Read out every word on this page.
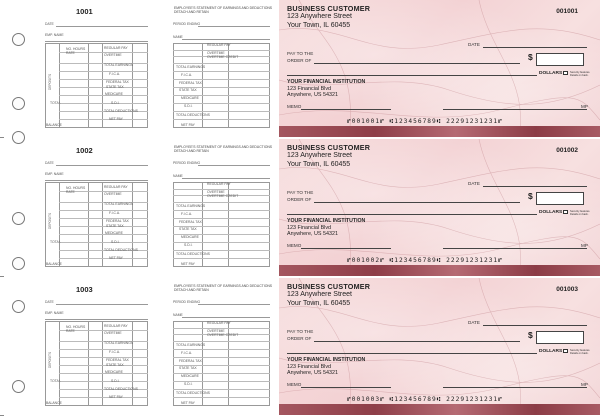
1001	EMPLOYEE'S STATEMENT OF EARNINGS AND DEDUCTIONS DETACH AND RETAIN
DATE	PERIOD ENDING
EMP. NAME	NAME
NO. HOURS
RATE
REGULAR PAY
OVERTIME
TOTAL EARNINGS
F.I.C.A.
FEDERAL TAX
STATE TAX
MEDICARE
S.D.I.
TOTAL DEDUCTIONS
NET PAY
TOTAL
BALANCE
DEPOSITS
REGULAR PAY
OVERTIME
OVERTIME CREDIT
TOTAL EARNINGS
F.I.C.A.
FEDERAL TAX
STATE TAX
MEDICARE
S.D.I.
TOTAL DEDUCTIONS
NET PAY
BUSINESS CUSTOMER
123 Anywhere Street
Your Town, IL 60455
001001
DATE
PAY TO THE
ORDER OF	$
DOLLARS	Security features. Details on back.
YOUR FINANCIAL INSTITUTION
123 Financial Blvd
Anywhere, US 54321
MEMO	MP
⑈001001⑈ ⑆123456789⑆ 22291231231⑈
1002	EMPLOYEE'S STATEMENT OF EARNINGS AND DEDUCTIONS DETACH AND RETAIN
DATE	PERIOD ENDING
EMP. NAME	NAME
NO. HOURS
RATE
REGULAR PAY
OVERTIME
TOTAL EARNINGS
F.I.C.A.
FEDERAL TAX
STATE TAX
MEDICARE
S.D.I.
TOTAL DEDUCTIONS
NET PAY
TOTAL
BALANCE
DEPOSITS
REGULAR PAY
OVERTIME
OVERTIME CREDIT
TOTAL EARNINGS
F.I.C.A.
FEDERAL TAX
STATE TAX
MEDICARE
S.D.I.
TOTAL DEDUCTIONS
NET PAY
BUSINESS CUSTOMER
123 Anywhere Street
Your Town, IL 60455
001002
DATE
PAY TO THE
ORDER OF	$
DOLLARS	Security features. Details on back.
YOUR FINANCIAL INSTITUTION
123 Financial Blvd
Anywhere, US 54321
MEMO	MP
⑈001002⑈ ⑆123456789⑆ 22291231231⑈
1003	EMPLOYEE'S STATEMENT OF EARNINGS AND DEDUCTIONS DETACH AND RETAIN
DATE	PERIOD ENDING
EMP. NAME	NAME
NO. HOURS
RATE
REGULAR PAY
OVERTIME
TOTAL EARNINGS
F.I.C.A.
FEDERAL TAX
STATE TAX
MEDICARE
S.D.I.
TOTAL DEDUCTIONS
NET PAY
TOTAL
BALANCE
DEPOSITS
REGULAR PAY
OVERTIME
OVERTIME CREDIT
TOTAL EARNINGS
F.I.C.A.
FEDERAL TAX
STATE TAX
MEDICARE
S.D.I.
TOTAL DEDUCTIONS
NET PAY
BUSINESS CUSTOMER
123 Anywhere Street
Your Town, IL 60455
001003
DATE
PAY TO THE
ORDER OF	$
DOLLARS	Security features. Details on back.
YOUR FINANCIAL INSTITUTION
123 Financial Blvd
Anywhere, US 54321
MEMO	MP
⑈001003⑈ ⑆123456789⑆ 22291231231⑈
